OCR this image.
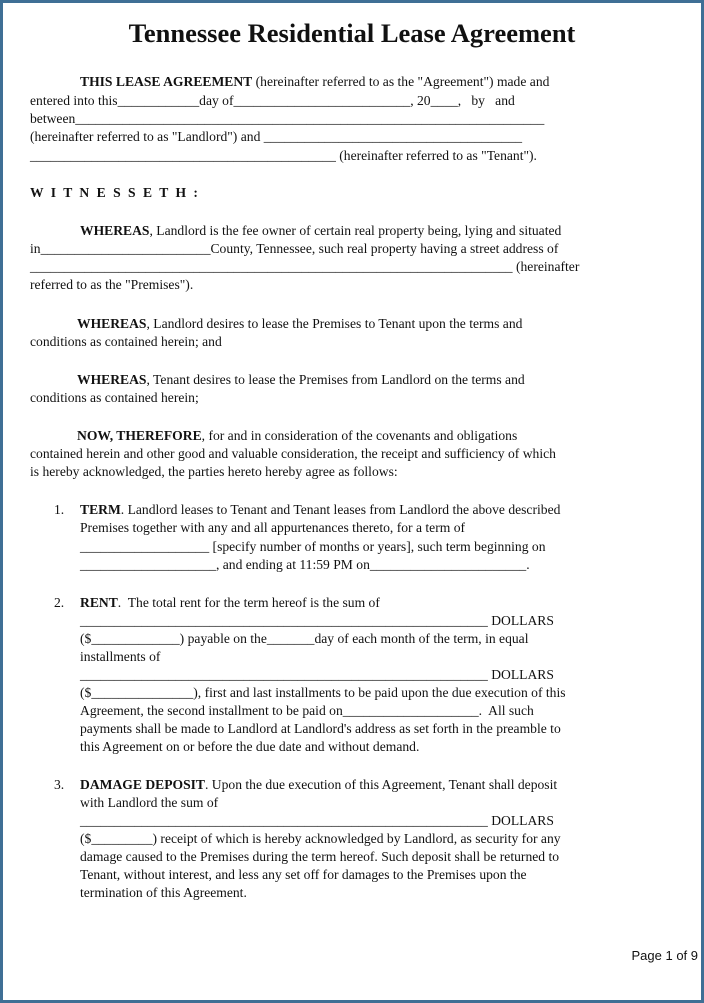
Tennessee Residential Lease Agreement
THIS LEASE AGREEMENT (hereinafter referred to as the "Agreement") made and
entered into this____________day of__________________________, 20____,   by   and
between_____________________________________________________________________
(hereinafter referred to as "Landlord") and ______________________________________
_____________________________________________ (hereinafter referred to as "Tenant").
W I T N E S S E T H :
WHEREAS, Landlord is the fee owner of certain real property being, lying and situated
in_________________________County, Tennessee, such real property having a street address of
_______________________________________________________________________ (hereinafter
referred to as the "Premises").
WHEREAS, Landlord desires to lease the Premises to Tenant upon the terms and
conditions as contained herein; and
WHEREAS, Tenant desires to lease the Premises from Landlord on the terms and
conditions as contained herein;
NOW, THEREFORE, for and in consideration of the covenants and obligations
contained herein and other good and valuable consideration, the receipt and sufficiency of which
is hereby acknowledged, the parties hereto hereby agree as follows:
1. TERM. Landlord leases to Tenant and Tenant leases from Landlord the above described
Premises together with any and all appurtenances thereto, for a term of
___________________ [specify number of months or years], such term beginning on
____________________, and ending at 11:59 PM on_______________________.
2. RENT.  The total rent for the term hereof is the sum of
____________________________________________________________ DOLLARS
($_____________) payable on the_______day of each month of the term, in equal
installments of
____________________________________________________________ DOLLARS
($_______________), first and last installments to be paid upon the due execution of this
Agreement, the second installment to be paid on____________________.  All such
payments shall be made to Landlord at Landlord's address as set forth in the preamble to
this Agreement on or before the due date and without demand.
3. DAMAGE DEPOSIT. Upon the due execution of this Agreement, Tenant shall deposit
with Landlord the sum of
____________________________________________________________ DOLLARS
($_________) receipt of which is hereby acknowledged by Landlord, as security for any
damage caused to the Premises during the term hereof. Such deposit shall be returned to
Tenant, without interest, and less any set off for damages to the Premises upon the
termination of this Agreement.
Page 1 of 9
